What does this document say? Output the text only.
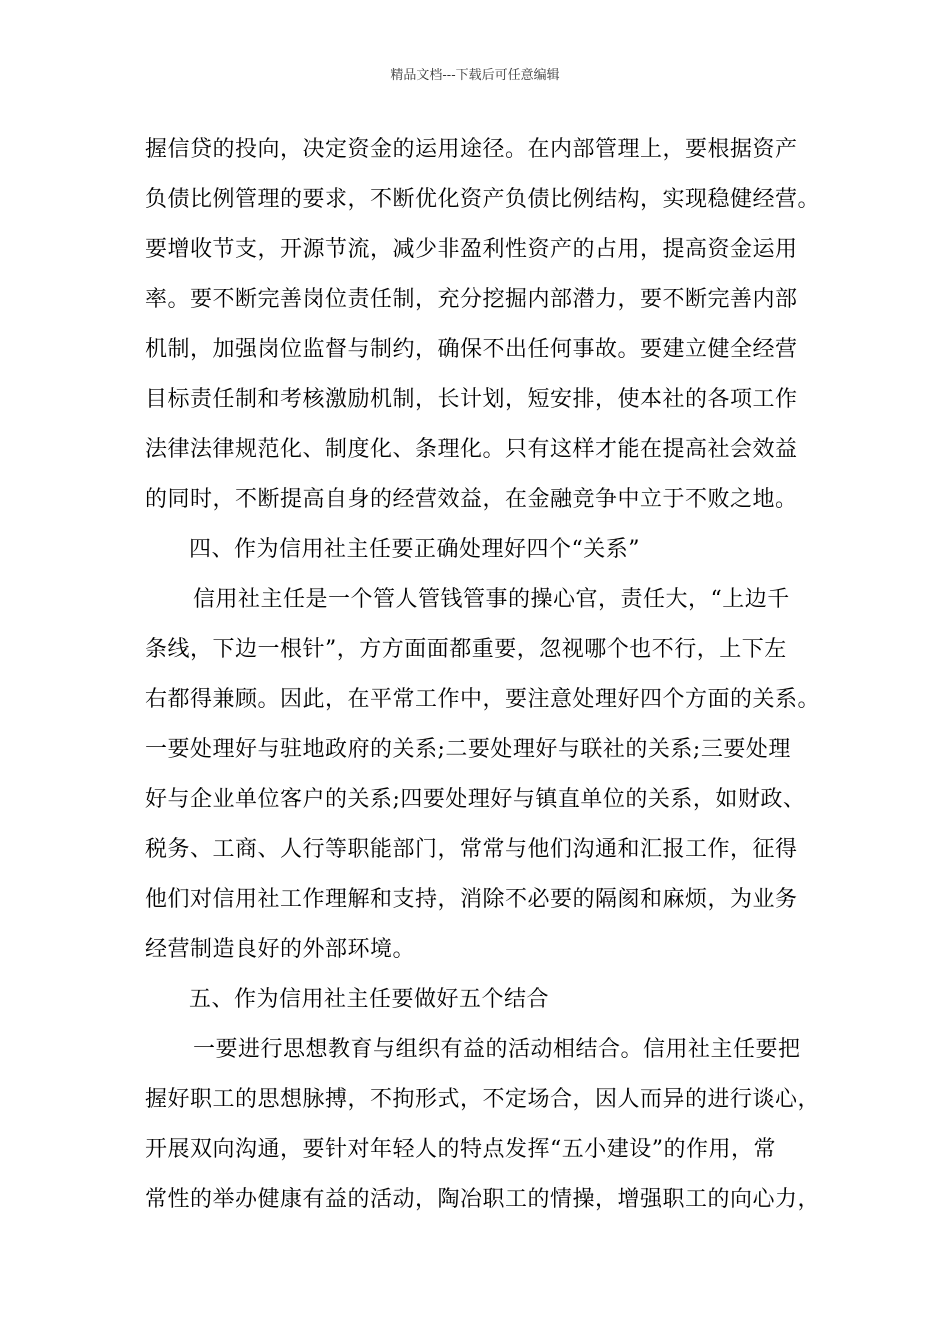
精品文档---下载后可任意编辑
握信贷的投向，决定资金的运用途径。在内部管理上，要根据资产
负债比例管理的要求，不断优化资产负债比例结构，实现稳健经营。
要增收节支，开源节流，减少非盈利性资产的占用，提高资金运用
率。要不断完善岗位责任制，充分挖掘内部潜力，要不断完善内部
机制，加强岗位监督与制约，确保不出任何事故。要建立健全经营
目标责任制和考核激励机制，长计划，短安排，使本社的各项工作
法律法律规范化、制度化、条理化。只有这样才能在提高社会效益
的同时，不断提高自身的经营效益，在金融竞争中立于不败之地。
四、作为信用社主任要正确处理好四个“关系”
信用社主任是一个管人管钱管事的操心官，责任大，“上边千
条线，下边一根针”，方方面面都重要，忽视哪个也不行，上下左
右都得兼顾。因此，在平常工作中，要注意处理好四个方面的关系。
一要处理好与驻地政府的关系;二要处理好与联社的关系;三要处理
好与企业单位客户的关系;四要处理好与镇直单位的关系，如财政、
税务、工商、人行等职能部门，常常与他们沟通和汇报工作，征得
他们对信用社工作理解和支持，消除不必要的隔阂和麻烦，为业务
经营制造良好的外部环境。
五、作为信用社主任要做好五个结合
一要进行思想教育与组织有益的活动相结合。信用社主任要把
握好职工的思想脉搏，不拘形式，不定场合，因人而异的进行谈心，
开展双向沟通，要针对年轻人的特点发挥“五小建设”的作用，常
常性的举办健康有益的活动，陶冶职工的情操，增强职工的向心力，
